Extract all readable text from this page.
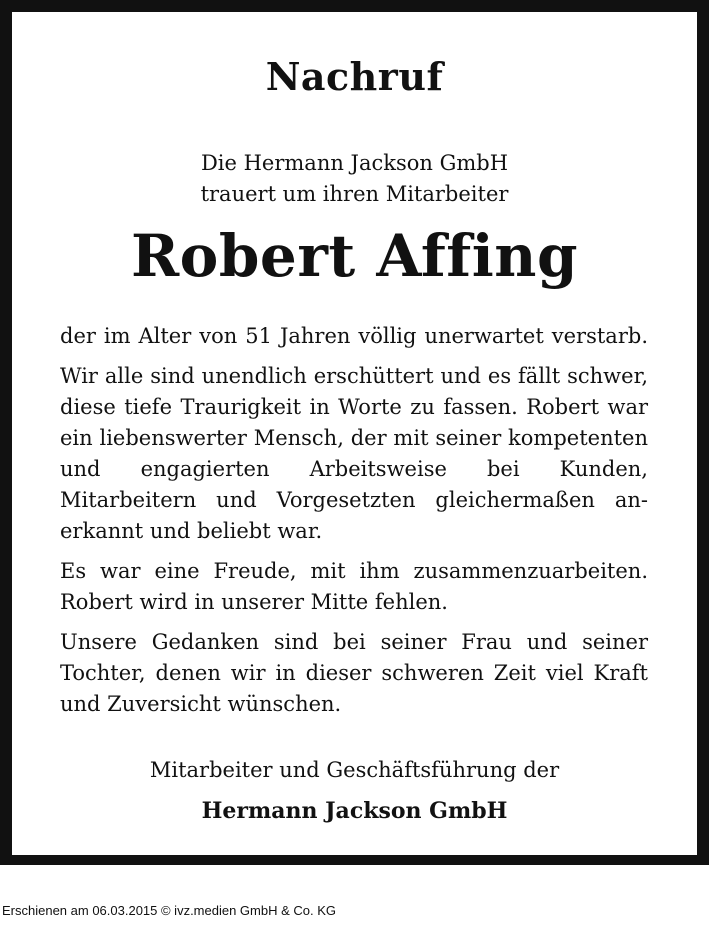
Nachruf
Die Hermann Jackson GmbH
trauert um ihren Mitarbeiter
Robert Affing

der im Alter von 51 Jahren völlig unerwartet verstarb.

Wir alle sind unendlich erschüttert und es fällt schwer, diese tiefe Traurigkeit in Worte zu fassen. Robert war ein liebenswerter Mensch, der mit seiner kompetenten und engagierten Arbeitsweise bei Kunden, Mitarbeitern und Vorgesetzten gleichermaßen anerkannt und beliebt war.

Es war eine Freude, mit ihm zusammenzuarbeiten. Robert wird in unserer Mitte fehlen.

Unsere Gedanken sind bei seiner Frau und seiner Tochter, denen wir in dieser schweren Zeit viel Kraft und Zuversicht wünschen.

Mitarbeiter und Geschäftsführung der
Hermann Jackson GmbH
Erschienen am 06.03.2015 © ivz.medien GmbH & Co. KG
